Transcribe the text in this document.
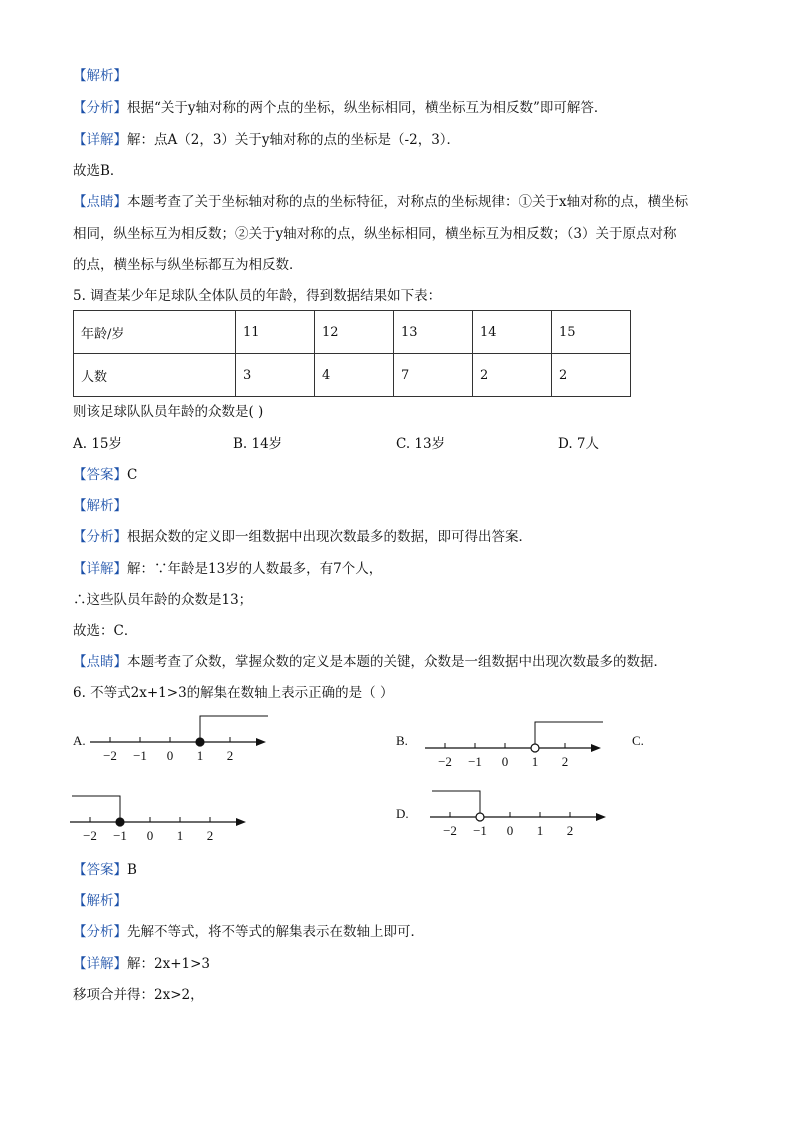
【解析】
【分析】根据“关于y轴对称的两个点的坐标，纵坐标相同，横坐标互为相反数”即可解答．
【详解】解：点A（2，3）关于y轴对称的点的坐标是（-2，3）．
故选B．
【点睛】本题考查了关于坐标轴对称的点的坐标特征，对称点的坐标规律：①关于x轴对称的点，横坐标
相同，纵坐标互为相反数；②关于y轴对称的点，纵坐标相同，横坐标互为相反数；（3）关于原点对称
的点，横坐标与纵坐标都互为相反数．
5. 调查某少年足球队全体队员的年龄，得到数据结果如下表：
年龄/岁	11	12	13	14	15
人数	3	4	7	2	2
则该足球队队员年龄的众数是( )
A. 15岁	B. 14岁	C. 13岁	D. 7人
【答案】C
【解析】
【分析】根据众数的定义即一组数据中出现次数最多的数据，即可得出答案．
【详解】解：∵年龄是13岁的人数最多，有7个人，
∴这些队员年龄的众数是13；
故选：C．
【点睛】本题考查了众数，掌握众数的定义是本题的关键，众数是一组数据中出现次数最多的数据．
6. 不等式2x+1>3的解集在数轴上表示正确的是（ ）
A.
−2 −1 0 1 2
B.
−2 −1 0 1 2
C.
−2 −1 0 1 2
D.
−2 −1 0 1 2
【答案】B
【解析】
【分析】先解不等式，将不等式的解集表示在数轴上即可．
【详解】解：2x+1>3
移项合并得：2x>2，
